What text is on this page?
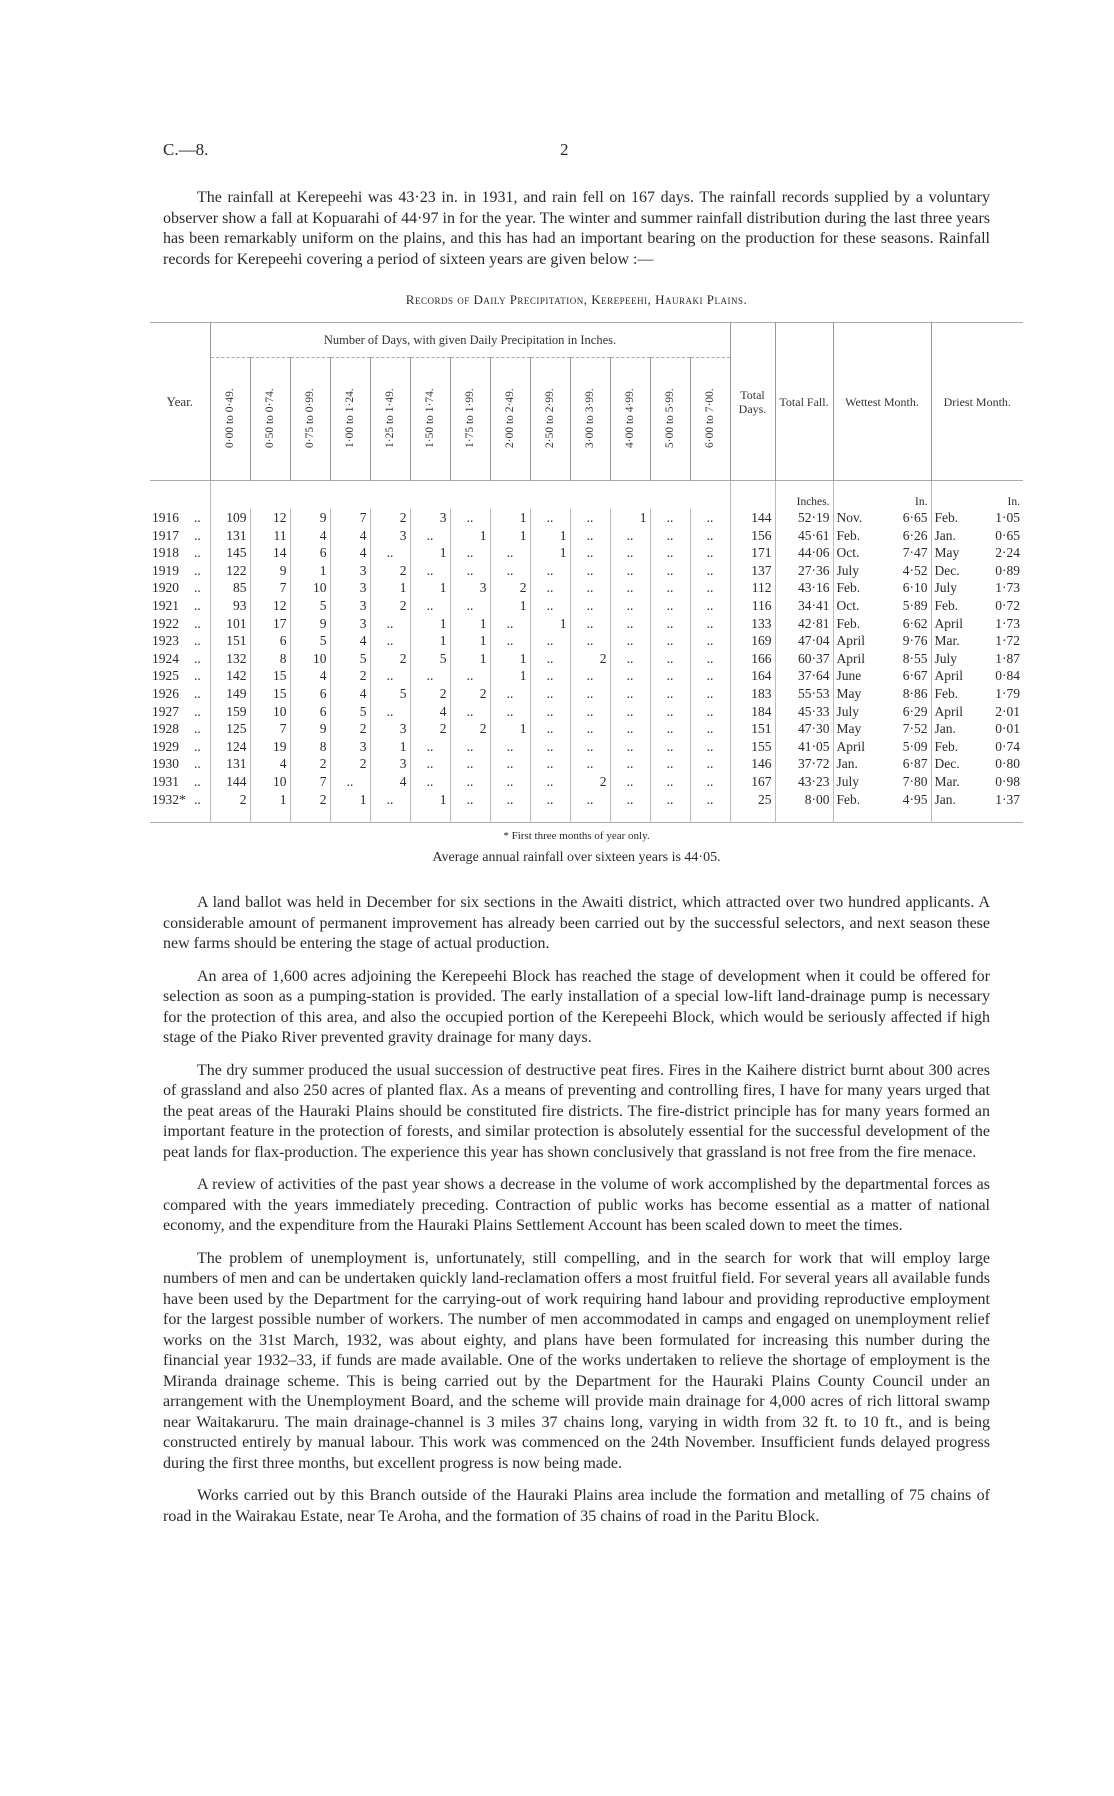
C.—8.	2

The rainfall at Kerepeehi was 43·23 in. in 1931, and rain fell on 167 days. The rainfall records supplied by a voluntary observer show a fall at Kopuarahi of 44·97 in for the year. The winter and summer rainfall distribution during the last three years has been remarkably uniform on the plains, and this has had an important bearing on the production for these seasons. Rainfall records for Kerepeehi covering a period of sixteen years are given below :—

Records of Daily Precipitation, Kerepeehi, Hauraki Plains.

Year.	Number of Days, with given Daily Precipitation in Inches.													Total Days.	Total Fall.	Wettest Month.	Driest Month.
	0·00 to 0·49.	0·50 to 0·74.	0·75 to 0·99.	1·00 to 1·24.	1·25 to 1·49.	1·50 to 1·74.	1·75 to 1·99.	2·00 to 2·49.	2·50 to 2·99.	3·00 to 3·99.	4·00 to 4·99.	5·00 to 5·99.	6·00 to 7·00.				
															Inches.	In.	In.
1916 ..	109	12	9	7	2	3	..	1	..	..	1	..	..	144	52·19	Nov. 6·65	Feb. 1·05

1917 ..	131	11	4	4	3	..	1	1	1	..	..	..	..	156	45·61	Feb. 6·26	Jan. 0·65

1918 ..	145	14	6	4	..	1	..	..	1	..	..	..	..	171	44·06	Oct. 7·47	May 2·24

1919 ..	122	9	1	3	2	..	..	..	..	..	..	..	..	137	27·36	July 4·52	Dec. 0·89

1920 ..	85	7	10	3	1	1	3	2	..	..	..	..	..	112	43·16	Feb. 6·10	July 1·73

1921 ..	93	12	5	3	2	..	..	1	..	..	..	..	..	116	34·41	Oct. 5·89	Feb. 0·72

1922 ..	101	17	9	3	..	1	1	..	1	..	..	..	..	133	42·81	Feb. 6·62	April 1·73

1923 ..	151	6	5	4	..	1	1	..	..	..	..	..	..	169	47·04	April 9·76	Mar. 1·72

1924 ..	132	8	10	5	2	5	1	1	..	2	..	..	..	166	60·37	April 8·55	July 1·87

1925 ..	142	15	4	2	..	..	..	1	..	..	..	..	..	164	37·64	June 6·67	April 0·84

1926 ..	149	15	6	4	5	2	2	..	..	..	..	..	..	183	55·53	May 8·86	Feb. 1·79

1927 ..	159	10	6	5	..	4	..	..	..	..	..	..	..	184	45·33	July 6·29	April 2·01

1928 ..	125	7	9	2	3	2	2	1	..	..	..	..	..	151	47·30	May 7·52	Jan. 0·01

1929 ..	124	19	8	3	1	..	..	..	..	..	..	..	..	155	41·05	April 5·09	Feb. 0·74

1930 ..	131	4	2	2	3	..	..	..	..	..	..	..	..	146	37·72	Jan. 6·87	Dec. 0·80

1931 ..	144	10	7	..	4	..	..	..	..	2	..	..	..	167	43·23	July 7·80	Mar. 0·98

1932* ..	2	1	2	1	..	1	..	..	..	..	..	..	..	25	8·00	Feb. 4·95	Jan. 1·37

* First three months of year only.

Average annual rainfall over sixteen years is 44·05.

A land ballot was held in December for six sections in the Awaiti district, which attracted over two hundred applicants. A considerable amount of permanent improvement has already been carried out by the successful selectors, and next season these new farms should be entering the stage of actual production.

An area of 1,600 acres adjoining the Kerepeehi Block has reached the stage of development when it could be offered for selection as soon as a pumping-station is provided. The early installation of a special low-lift land-drainage pump is necessary for the protection of this area, and also the occupied portion of the Kerepeehi Block, which would be seriously affected if high stage of the Piako River prevented gravity drainage for many days.

The dry summer produced the usual succession of destructive peat fires. Fires in the Kaihere district burnt about 300 acres of grassland and also 250 acres of planted flax. As a means of preventing and controlling fires, I have for many years urged that the peat areas of the Hauraki Plains should be constituted fire districts. The fire-district principle has for many years formed an important feature in the protection of forests, and similar protection is absolutely essential for the successful development of the peat lands for flax-production. The experience this year has shown conclusively that grassland is not free from the fire menace.

A review of activities of the past year shows a decrease in the volume of work accomplished by the departmental forces as compared with the years immediately preceding. Contraction of public works has become essential as a matter of national economy, and the expenditure from the Hauraki Plains Settlement Account has been scaled down to meet the times.

The problem of unemployment is, unfortunately, still compelling, and in the search for work that will employ large numbers of men and can be undertaken quickly land-reclamation offers a most fruitful field. For several years all available funds have been used by the Department for the carrying-out of work requiring hand labour and providing reproductive employment for the largest possible number of workers. The number of men accommodated in camps and engaged on unemployment relief works on the 31st March, 1932, was about eighty, and plans have been formulated for increasing this number during the financial year 1932–33, if funds are made available. One of the works undertaken to relieve the shortage of employment is the Miranda drainage scheme. This is being carried out by the Department for the Hauraki Plains County Council under an arrangement with the Unemployment Board, and the scheme will provide main drainage for 4,000 acres of rich littoral swamp near Waitakaruru. The main drainage-channel is 3 miles 37 chains long, varying in width from 32 ft. to 10 ft., and is being constructed entirely by manual labour. This work was commenced on the 24th November. Insufficient funds delayed progress during the first three months, but excellent progress is now being made.

Works carried out by this Branch outside of the Hauraki Plains area include the formation and metalling of 75 chains of road in the Wairakau Estate, near Te Aroha, and the formation of 35 chains of road in the Paritu Block.
